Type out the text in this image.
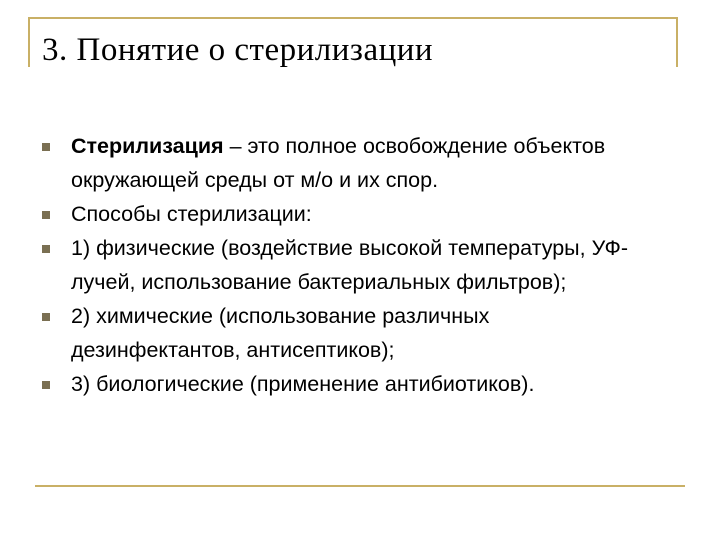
3. Понятие о стерилизации
Стерилизация – это полное освобождение объектов окружающей среды от м/о и их спор.
Способы стерилизации:
1) физические (воздействие высокой температуры, УФ-лучей, использование бактериальных фильтров);
2) химические (использование различных дезинфектантов, антисептиков);
3) биологические (применение антибиотиков).
